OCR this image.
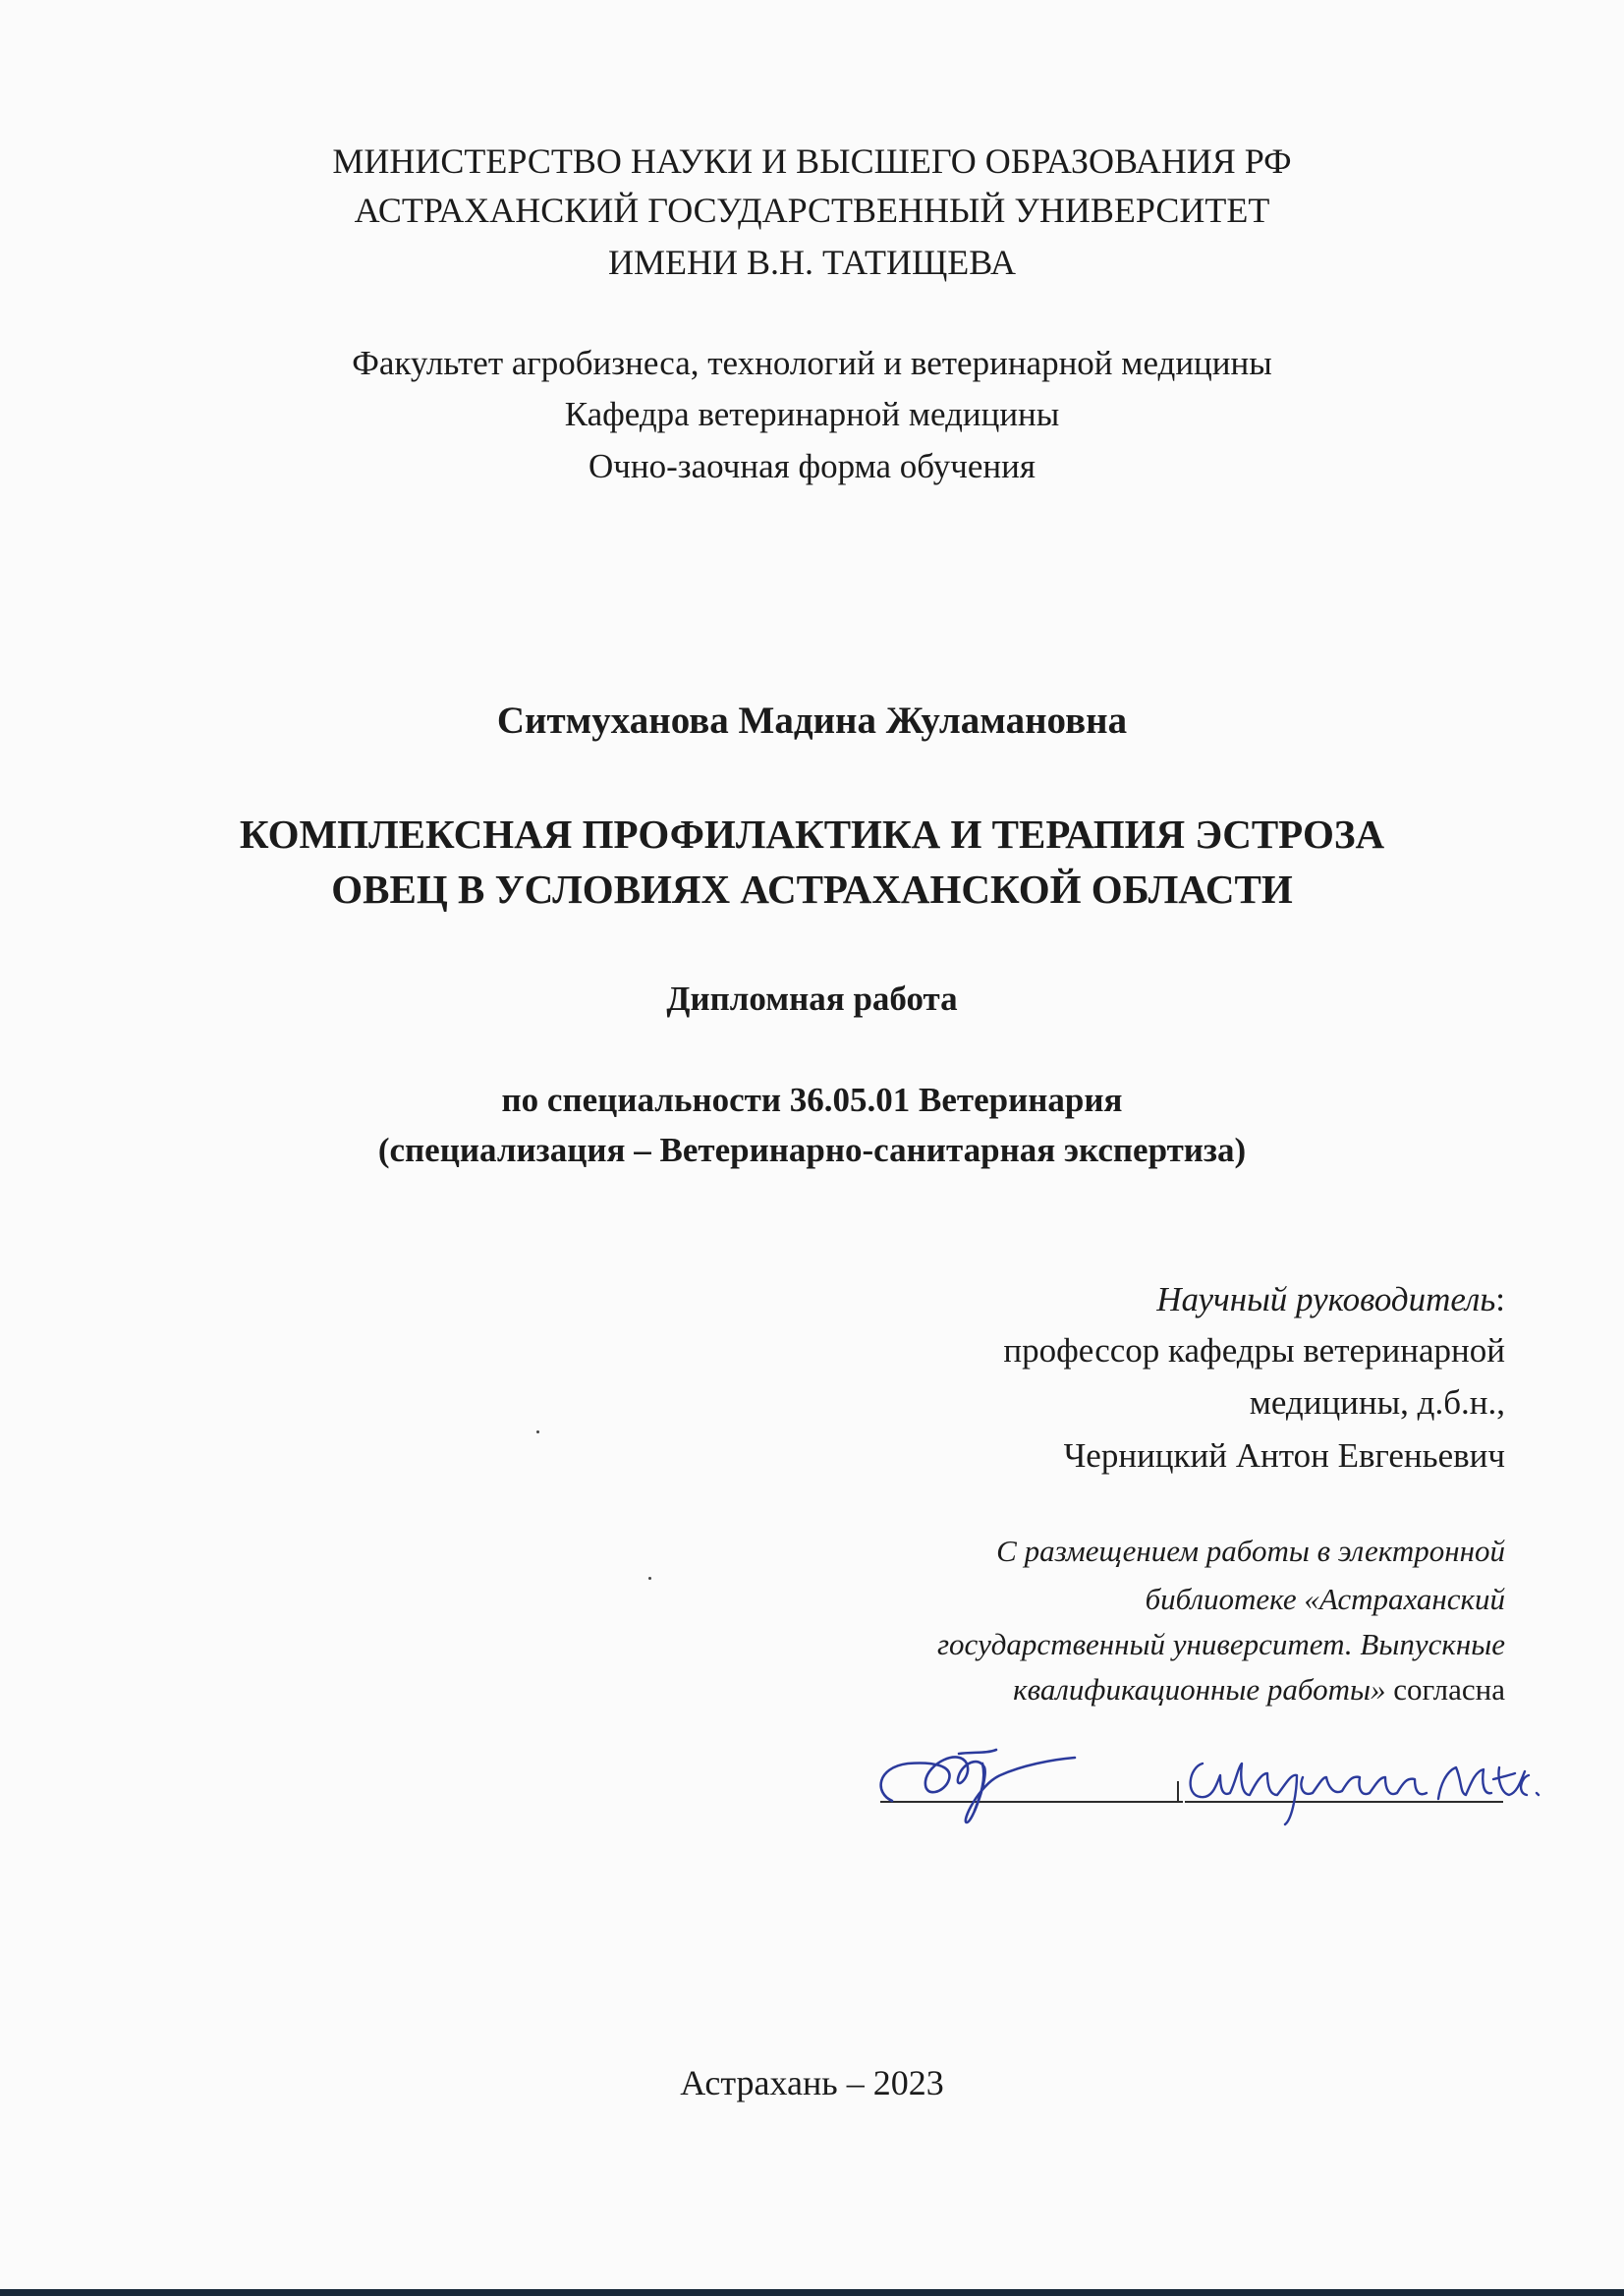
МИНИСТЕРСТВО НАУКИ И ВЫСШЕГО ОБРАЗОВАНИЯ РФ
АСТРАХАНСКИЙ ГОСУДАРСТВЕННЫЙ УНИВЕРСИТЕТ
ИМЕНИ В.Н. ТАТИЩЕВА
Факультет агробизнеса, технологий и ветеринарной медицины
Кафедра ветеринарной медицины
Очно-заочная форма обучения
Ситмуханова Мадина Жуламановна
КОМПЛЕКСНАЯ ПРОФИЛАКТИКА И ТЕРАПИЯ ЭСТРОЗА
ОВЕЦ В УСЛОВИЯХ АСТРАХАНСКОЙ ОБЛАСТИ
Дипломная работа
по специальности 36.05.01 Ветеринария
(специализация – Ветеринарно-санитарная экспертиза)
Научный руководитель:
профессор кафедры ветеринарной
медицины, д.б.н.,
Черницкий Антон Евгеньевич
С размещением работы в электронной
библиотеке «Астраханский
государственный университет. Выпускные
квалификационные работы» согласна
Астрахань – 2023
